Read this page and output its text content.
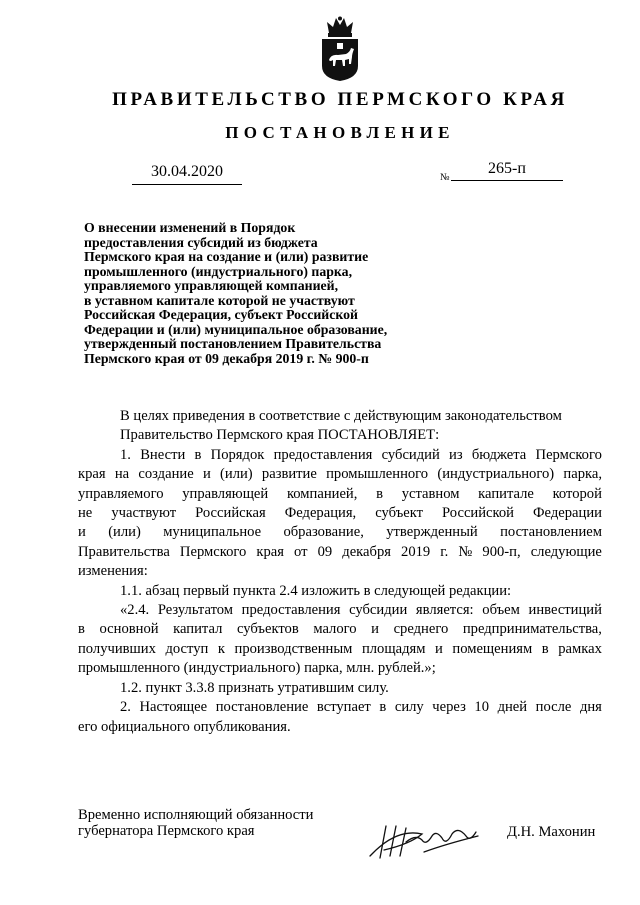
ПРАВИТЕЛЬСТВО ПЕРМСКОГО КРАЯ
ПОСТАНОВЛЕНИЕ
30.04.2020	№
265-п
О внесении изменений в Порядок
предоставления субсидий из бюджета
Пермского края на создание и (или) развитие
промышленного (индустриального) парка,
управляемого управляющей компанией,
в уставном капитале которой не участвуют
Российская Федерация, субъект Российской
Федерации и (или) муниципальное образование,
утвержденный постановлением Правительства
Пермского края от 09 декабря 2019 г. № 900-п
В целях приведения в соответствие с действующим законодательством
Правительство Пермского края ПОСТАНОВЛЯЕТ:
1. Внести в Порядок предоставления субсидий из бюджета Пермского
края на создание и (или) развитие промышленного (индустриального) парка,
управляемого управляющей компанией, в уставном капитале которой
не участвуют Российская Федерация, субъект Российской Федерации
и (или) муниципальное образование, утвержденный постановлением
Правительства Пермского края от 09 декабря 2019 г. № 900-п, следующие
изменения:
1.1. абзац первый пункта 2.4 изложить в следующей редакции:
«2.4. Результатом предоставления субсидии является: объем инвестиций
в основной капитал субъектов малого и среднего предпринимательства,
получивших доступ к производственным площадям и помещениям в рамках
промышленного (индустриального) парка, млн. рублей.»;
1.2. пункт 3.3.8 признать утратившим силу.
2. Настоящее постановление вступает в силу через 10 дней после дня
его официального опубликования.
Временно исполняющий обязанности
губернатора Пермского края	Д.Н. Махонин
